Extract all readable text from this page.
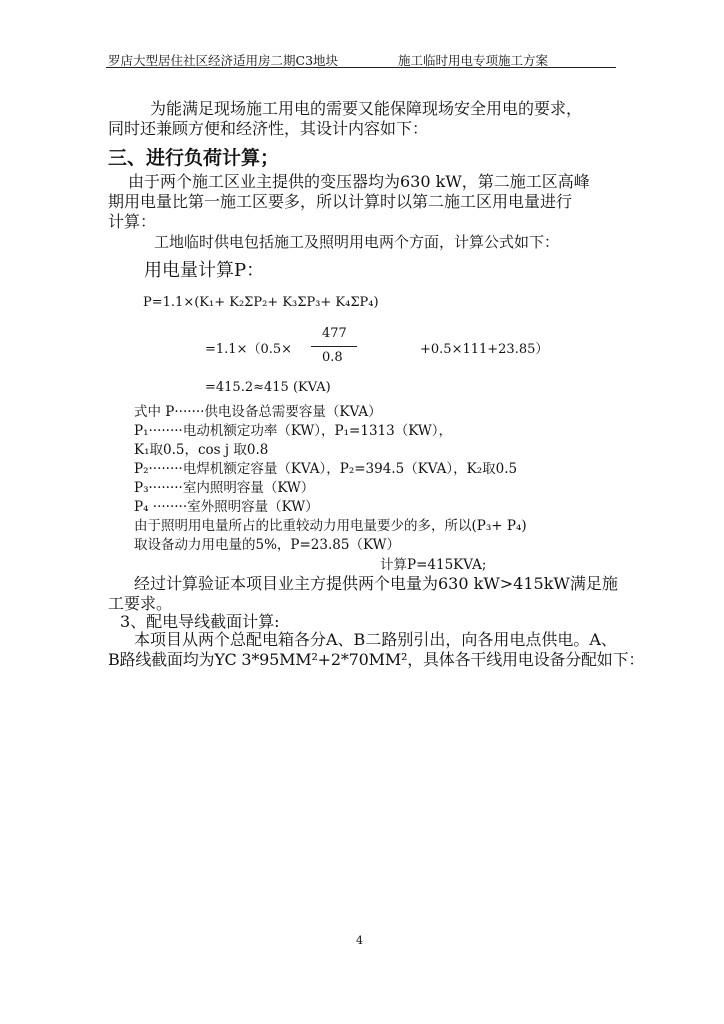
罗店大型居住社区经济适用房二期C3地块	施工临时用电专项施工方案
为能满足现场施工用电的需要又能保障现场安全用电的要求，
同时还兼顾方便和经济性，其设计内容如下：
三、进行负荷计算；
由于两个施工区业主提供的变压器均为630 kW，第二施工区高峰
期用电量比第一施工区要多，所以计算时以第二施工区用电量进行
计算：
工地临时供电包括施工及照明用电两个方面，计算公式如下：
用电量计算P：
P=1.1×(K₁+ K₂ΣP₂+ K₃ΣP₃+ K₄ΣP₄)
=1.1×（0.5×
477
0.8
+0.5×111+23.85）
=415.2≈415 (KVA)
式中 P·······供电设备总需要容量（KVA）
P₁········电动机额定功率（KW），P₁=1313（KW），
K₁取0.5，cos j 取0.8
P₂········电焊机额定容量（KVA），P₂=394.5（KVA），K₂取0.5
P₃········室内照明容量（KW）
P₄ ········室外照明容量（KW）
由于照明用电量所占的比重较动力用电量要少的多，所以(P₃+ P₄)
取设备动力用电量的5%，P=23.85（KW）
计算P=415KVA;
经过计算验证本项目业主方提供两个电量为630 kW>415kW满足施
工要求。
3、配电导线截面计算:
本项目从两个总配电箱各分A、B二路别引出，向各用电点供电。A、
B路线截面均为YC 3*95MM²+2*70MM²，具体各干线用电设备分配如下：
4
